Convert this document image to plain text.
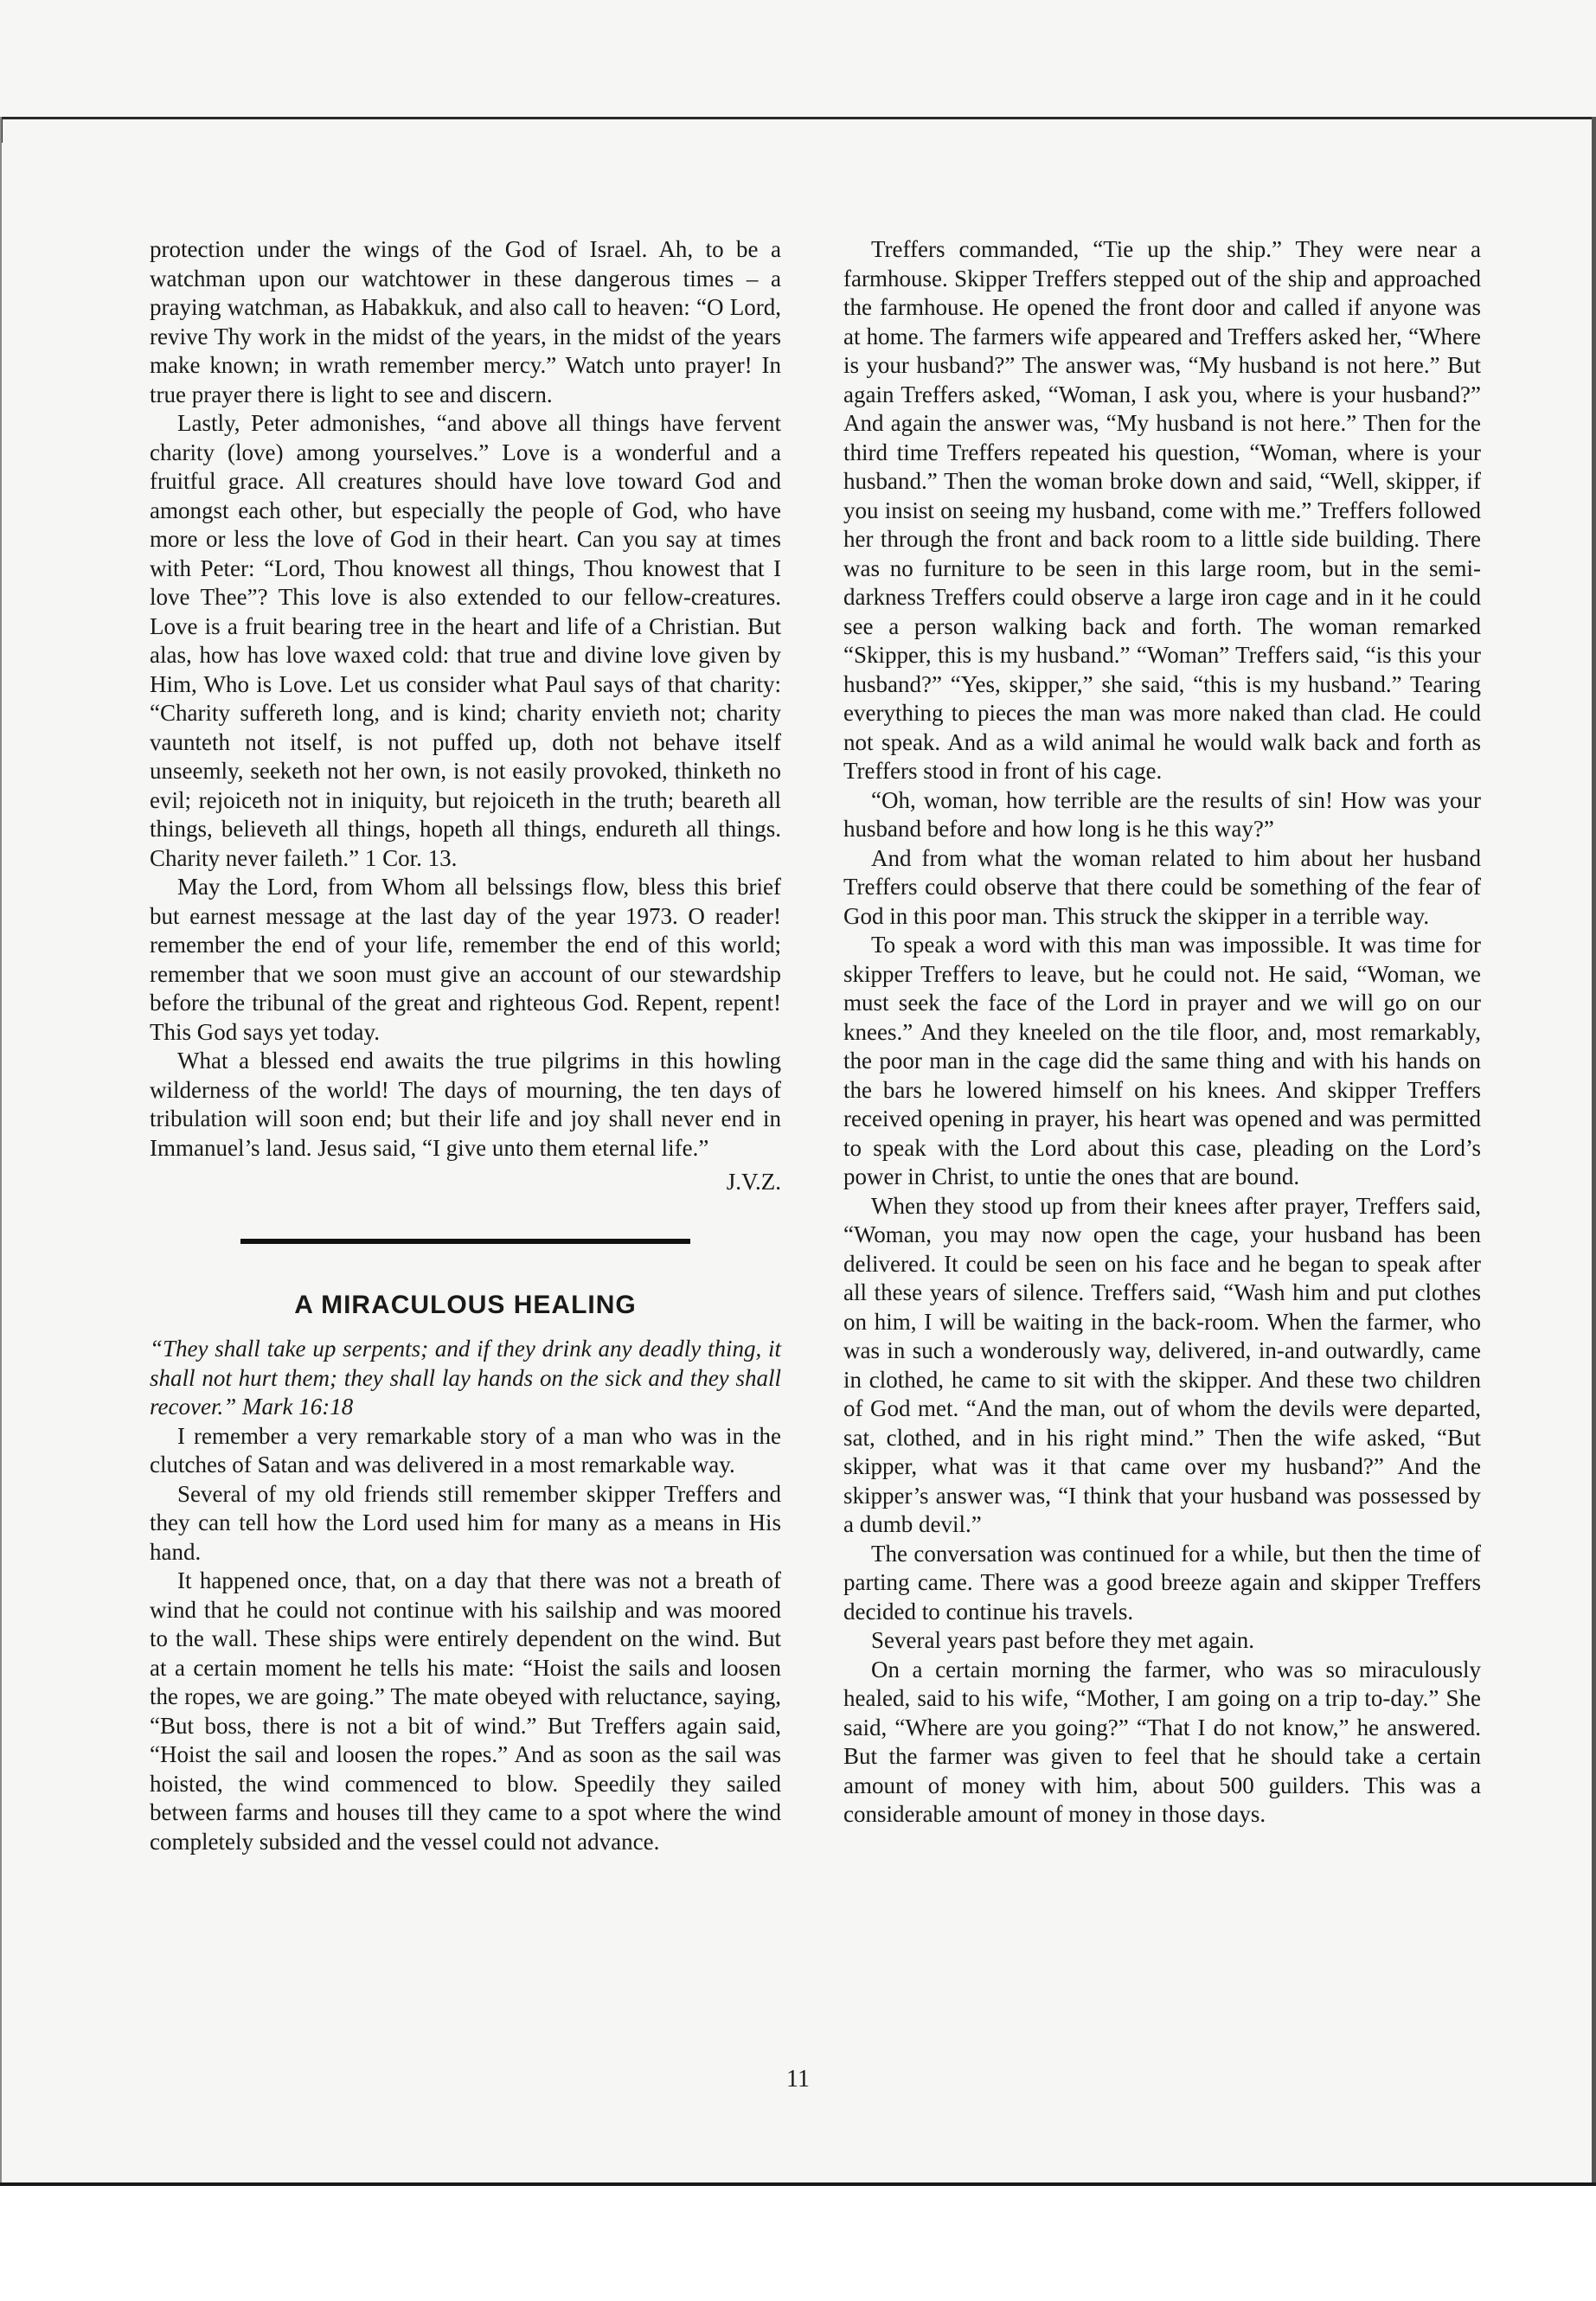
protection under the wings of the God of Israel. Ah, to be a watchman upon our watchtower in these dangerous times – a praying watchman, as Habakkuk, and also call to heaven: “O Lord, revive Thy work in the midst of the years, in the midst of the years make known; in wrath remember mercy.” Watch unto prayer! In true prayer there is light to see and discern.

Lastly, Peter admonishes, “and above all things have fervent charity (love) among yourselves.” Love is a wonderful and a fruitful grace. All creatures should have love toward God and amongst each other, but especially the people of God, who have more or less the love of God in their heart. Can you say at times with Peter: “Lord, Thou knowest all things, Thou knowest that I love Thee”? This love is also extended to our fellow-creatures. Love is a fruit bearing tree in the heart and life of a Christian. But alas, how has love waxed cold: that true and divine love given by Him, Who is Love. Let us consider what Paul says of that charity: “Charity suffereth long, and is kind; charity envieth not; charity vaunteth not itself, is not puffed up, doth not behave itself unseemly, seeketh not her own, is not easily provoked, thinketh no evil; rejoiceth not in iniquity, but rejoiceth in the truth; beareth all things, believeth all things, hopeth all things, endureth all things. Charity never faileth.” 1 Cor. 13.

May the Lord, from Whom all belssings flow, bless this brief but earnest message at the last day of the year 1973. O reader! remember the end of your life, remember the end of this world; remember that we soon must give an account of our stewardship before the tribunal of the great and righteous God. Repent, repent! This God says yet today.

What a blessed end awaits the true pilgrims in this howling wilderness of the world! The days of mourning, the ten days of tribulation will soon end; but their life and joy shall never end in Immanuel’s land. Jesus said, “I give unto them eternal life.”

J.V.Z.
A MIRACULOUS HEALING

“They shall take up serpents; and if they drink any deadly thing, it shall not hurt them; they shall lay hands on the sick and they shall recover.” Mark 16:18

I remember a very remarkable story of a man who was in the clutches of Satan and was delivered in a most remarkable way.

Several of my old friends still remember skipper Treffers and they can tell how the Lord used him for many as a means in His hand.

It happened once, that, on a day that there was not a breath of wind that he could not continue with his sailship and was moored to the wall. These ships were entirely dependent on the wind. But at a certain moment he tells his mate: “Hoist the sails and loosen the ropes, we are going.” The mate obeyed with reluctance, saying, “But boss, there is not a bit of wind.” But Treffers again said, “Hoist the sail and loosen the ropes.” And as soon as the sail was hoisted, the wind commenced to blow. Speedily they sailed between farms and houses till they came to a spot where the wind completely subsided and the vessel could not advance.

Treffers commanded, “Tie up the ship.” They were near a farmhouse. Skipper Treffers stepped out of the ship and approached the farmhouse. He opened the front door and called if anyone was at home. The farmers wife appeared and Treffers asked her, “Where is your husband?” The answer was, “My husband is not here.” But again Treffers asked, “Woman, I ask you, where is your husband?” And again the answer was, “My husband is not here.” Then for the third time Treffers repeated his question, “Woman, where is your husband.” Then the woman broke down and said, “Well, skipper, if you insist on seeing my husband, come with me.” Treffers followed her through the front and back room to a little side building. There was no furniture to be seen in this large room, but in the semi-darkness Treffers could observe a large iron cage and in it he could see a person walking back and forth. The woman remarked “Skipper, this is my husband.” “Woman” Treffers said, “is this your husband?” “Yes, skipper,” she said, “this is my husband.” Tearing everything to pieces the man was more naked than clad. He could not speak. And as a wild animal he would walk back and forth as Treffers stood in front of his cage.

“Oh, woman, how terrible are the results of sin! How was your husband before and how long is he this way?”

And from what the woman related to him about her husband Treffers could observe that there could be something of the fear of God in this poor man. This struck the skipper in a terrible way.

To speak a word with this man was impossible. It was time for skipper Treffers to leave, but he could not. He said, “Woman, we must seek the face of the Lord in prayer and we will go on our knees.” And they kneeled on the tile floor, and, most remarkably, the poor man in the cage did the same thing and with his hands on the bars he lowered himself on his knees. And skipper Treffers received opening in prayer, his heart was opened and was permitted to speak with the Lord about this case, pleading on the Lord’s power in Christ, to untie the ones that are bound.

When they stood up from their knees after prayer, Treffers said, “Woman, you may now open the cage, your husband has been delivered. It could be seen on his face and he began to speak after all these years of silence. Treffers said, “Wash him and put clothes on him, I will be waiting in the back-room. When the farmer, who was in such a wonderously way, delivered, in-and outwardly, came in clothed, he came to sit with the skipper. And these two children of God met. “And the man, out of whom the devils were departed, sat, clothed, and in his right mind.” Then the wife asked, “But skipper, what was it that came over my husband?” And the skipper’s answer was, “I think that your husband was possessed by a dumb devil.”

The conversation was continued for a while, but then the time of parting came. There was a good breeze again and skipper Treffers decided to continue his travels.

Several years past before they met again.

On a certain morning the farmer, who was so miraculously healed, said to his wife, “Mother, I am going on a trip to-day.” She said, “Where are you going?” “That I do not know,” he answered. But the farmer was given to feel that he should take a certain amount of money with him, about 500 guilders. This was a considerable amount of money in those days.

11
